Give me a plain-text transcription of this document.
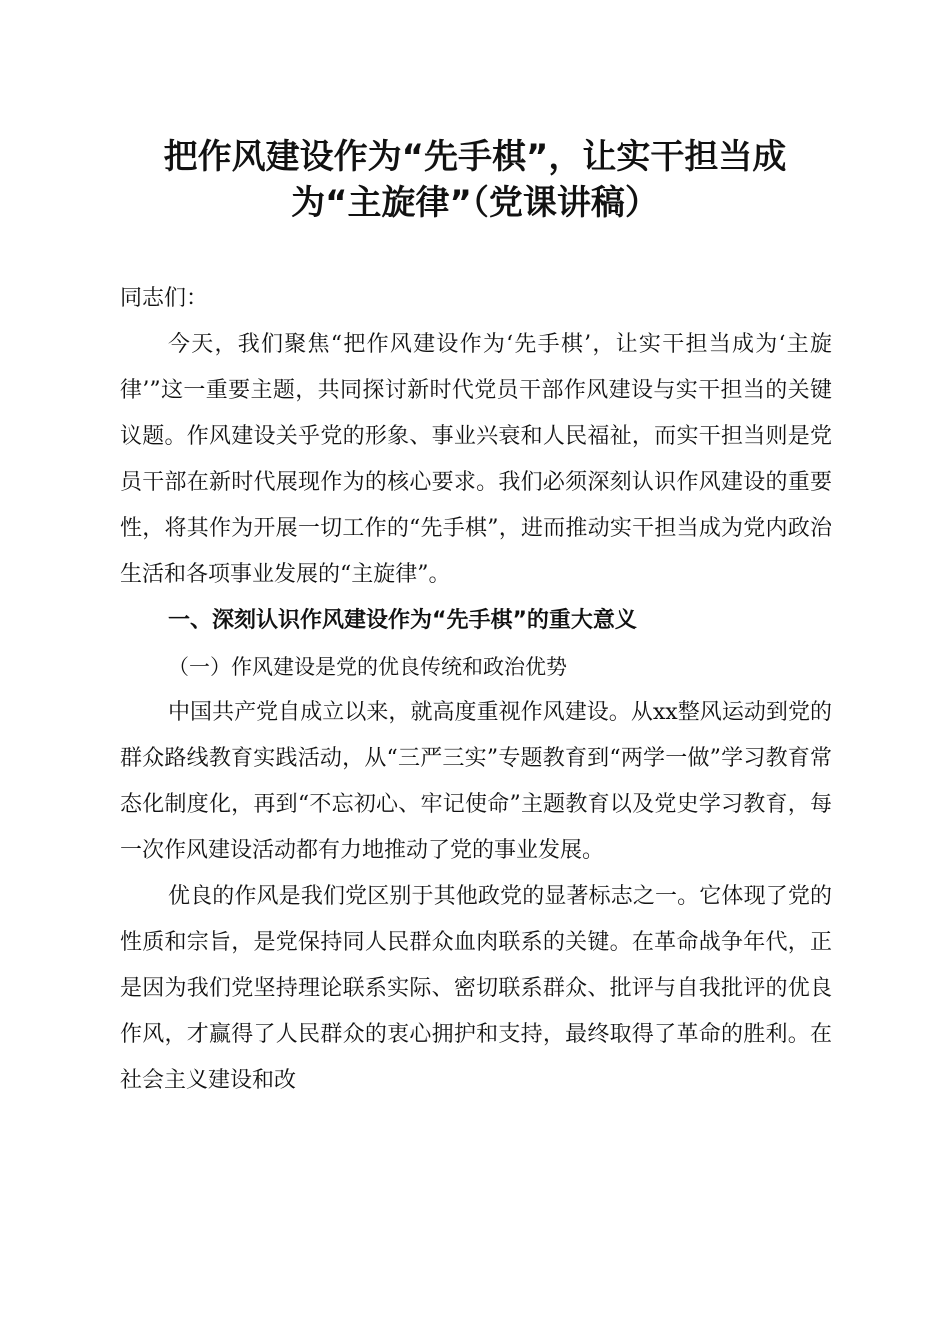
把作风建设作为“先手棋”，让实干担当成
为“主旋律”（党课讲稿）

同志们：

今天，我们聚焦“把作风建设作为‘先手棋’，让实干担当成为‘主旋律’”这一重要主题，共同探讨新时代党员干部作风建设与实干担当的关键议题。作风建设关乎党的形象、事业兴衰和人民福祉，而实干担当则是党员干部在新时代展现作为的核心要求。我们必须深刻认识作风建设的重要性，将其作为开展一切工作的“先手棋”，进而推动实干担当成为党内政治生活和各项事业发展的“主旋律”。

一、深刻认识作风建设作为“先手棋”的重大意义

（一）作风建设是党的优良传统和政治优势

中国共产党自成立以来，就高度重视作风建设。从xx整风运动到党的群众路线教育实践活动，从“三严三实”专题教育到“两学一做”学习教育常态化制度化，再到“不忘初心、牢记使命”主题教育以及党史学习教育，每一次作风建设活动都有力地推动了党的事业发展。

优良的作风是我们党区别于其他政党的显著标志之一。它体现了党的性质和宗旨，是党保持同人民群众血肉联系的关键。在革命战争年代，正是因为我们党坚持理论联系实际、密切联系群众、批评与自我批评的优良作风，才赢得了人民群众的衷心拥护和支持，最终取得了革命的胜利。在社会主义建设和改
